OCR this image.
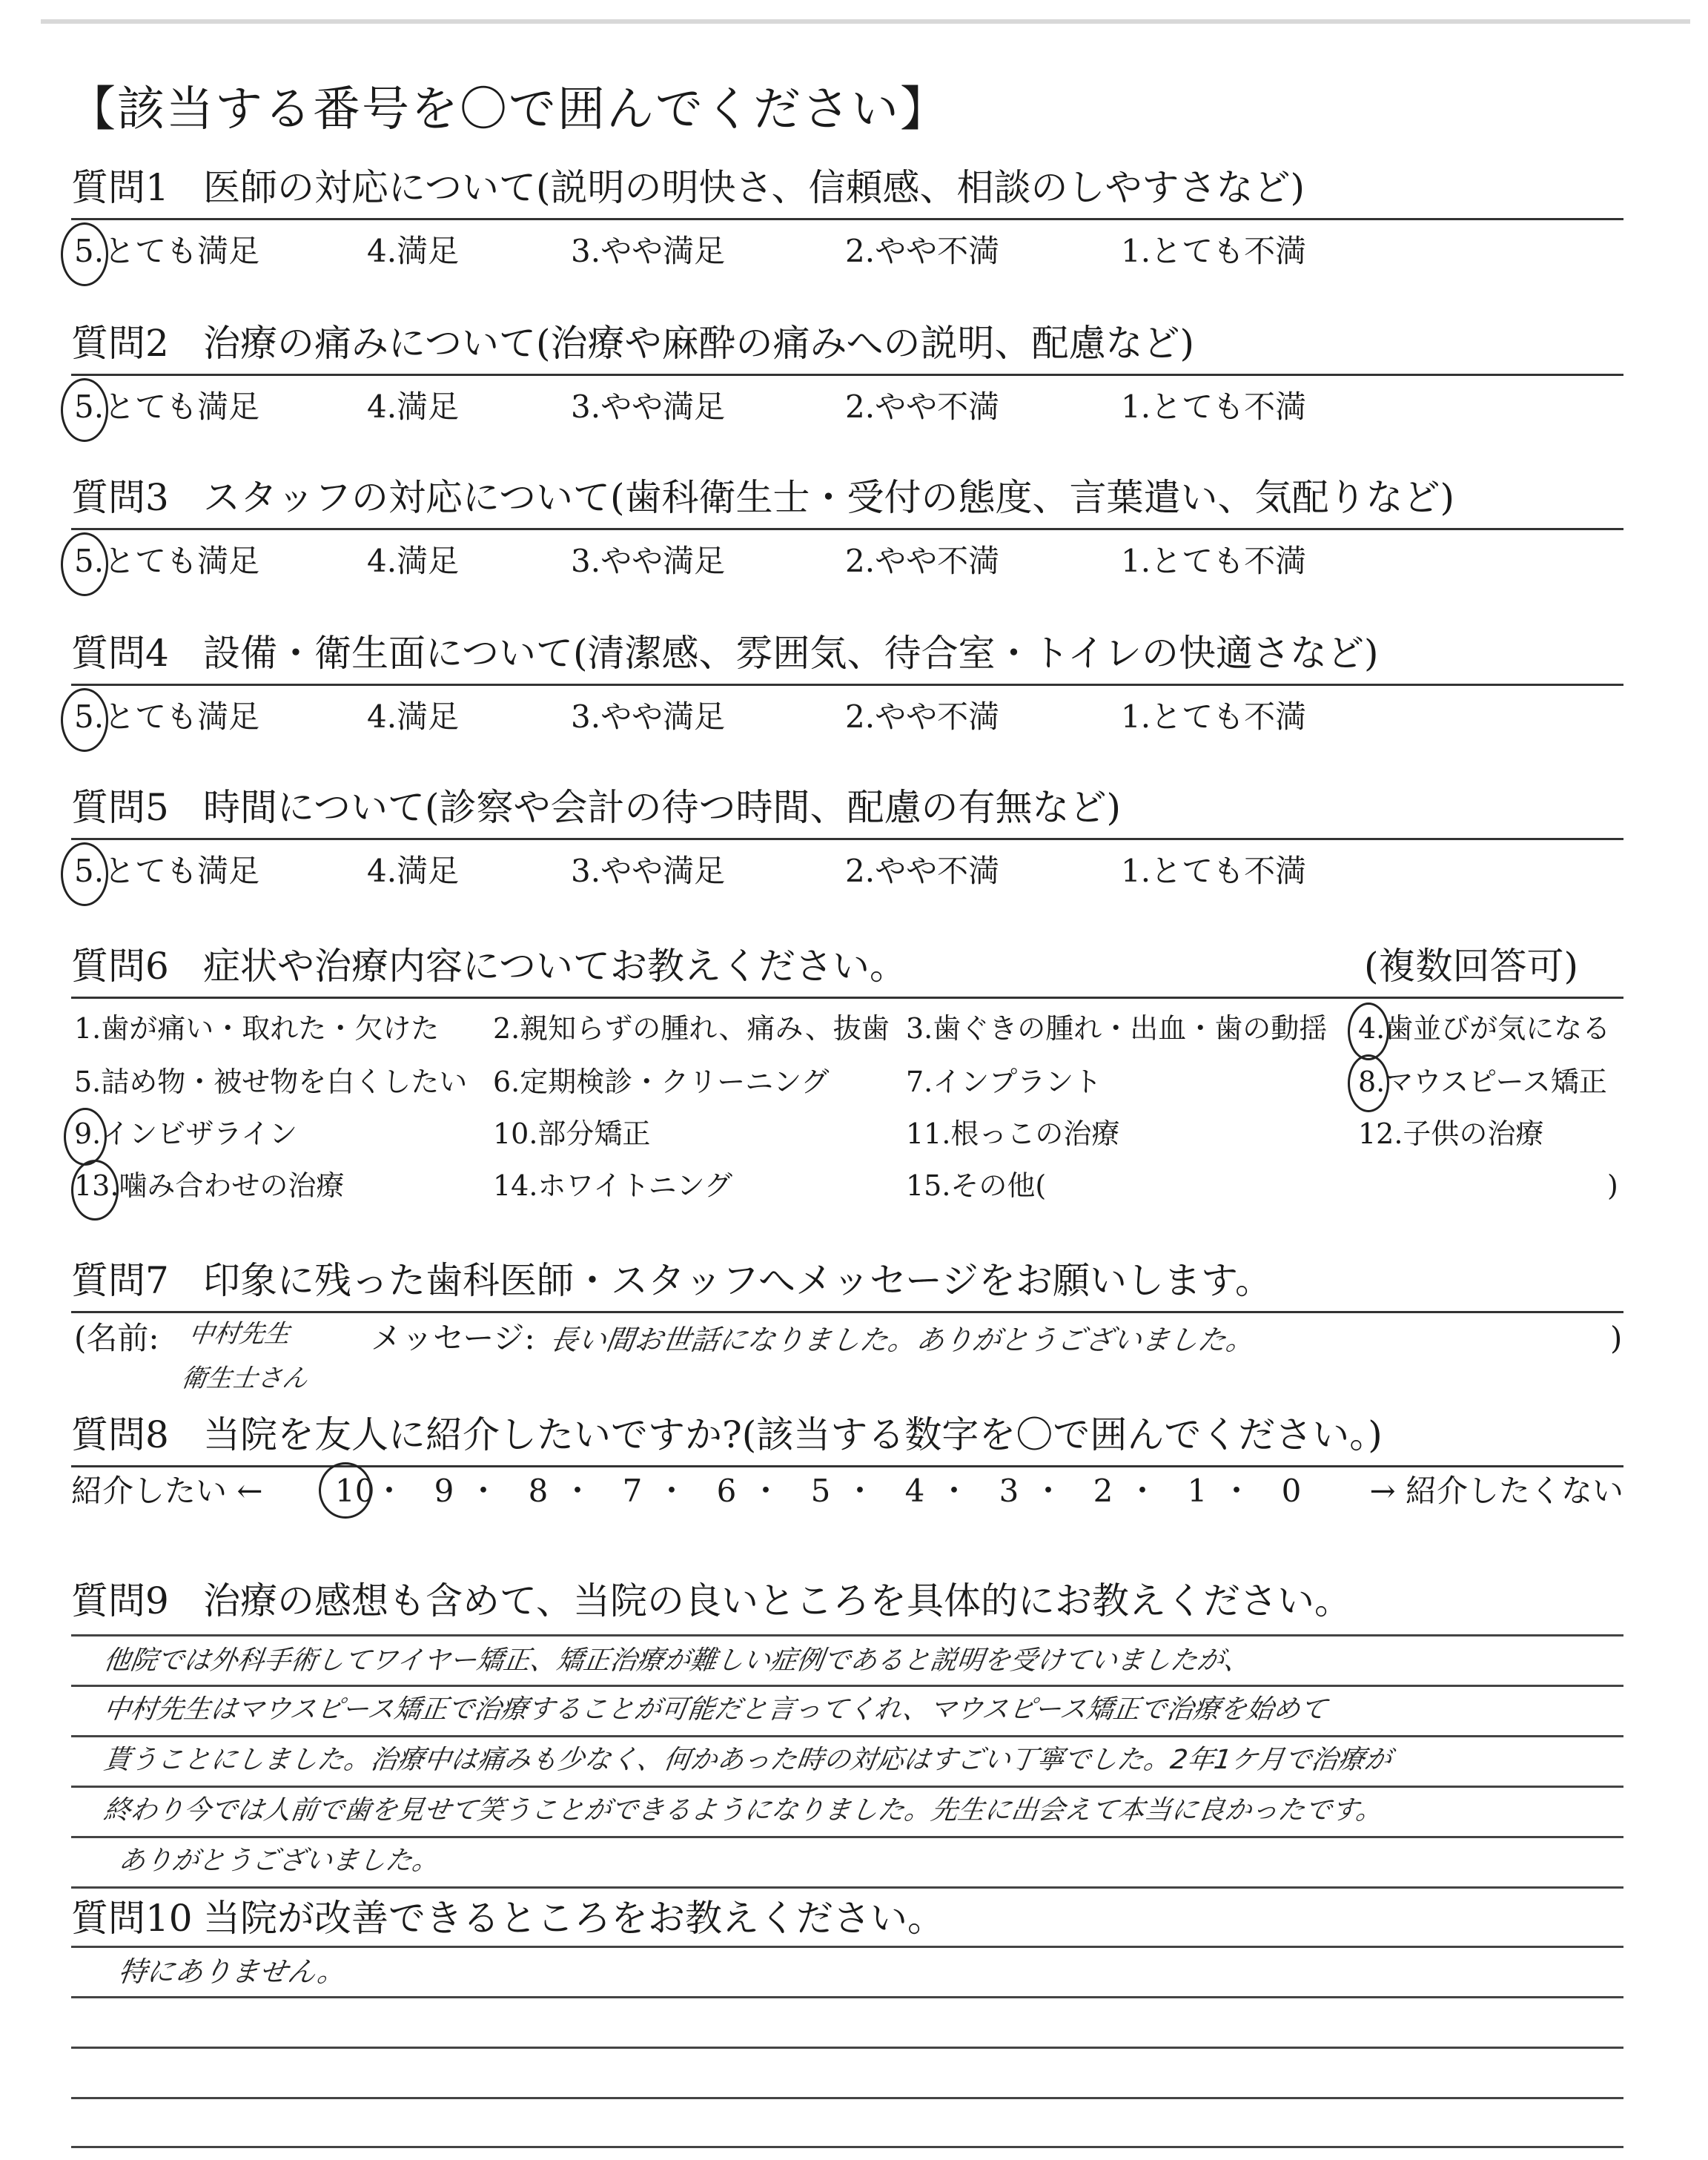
【該当する番号を〇で囲んでください】
質問1 医師の対応について(説明の明快さ、信頼感、相談のしやすさなど)
5.とても満足	4.満足	3.やや満足	2.やや不満	1.とても不満
質問2 治療の痛みについて(治療や麻酔の痛みへの説明、配慮など)
5.とても満足	4.満足	3.やや満足	2.やや不満	1.とても不満
質問3 スタッフの対応について(歯科衛生士・受付の態度、言葉遣い、気配りなど)
5.とても満足	4.満足	3.やや満足	2.やや不満	1.とても不満
質問4 設備・衛生面について(清潔感、雰囲気、待合室・トイレの快適さなど)
5.とても満足	4.満足	3.やや満足	2.やや不満	1.とても不満
質問5 時間について(診察や会計の待つ時間、配慮の有無など)
5.とても満足	4.満足	3.やや満足	2.やや不満	1.とても不満
質問6 症状や治療内容についてお教えください。	(複数回答可)
1.歯が痛い・取れた・欠けた 2.親知らずの腫れ、痛み、抜歯 3.歯ぐきの腫れ・出血・歯の動揺 4.歯並びが気になる
5.詰め物・被せ物を白くしたい 6.定期検診・クリーニング	7.インプラント	8.マウスピース矯正
9.インビザライン	10.部分矯正	11.根っこの治療	12.子供の治療
13.噛み合わせの治療	14.ホワイトニング	15.その他(	)
質問7 印象に残った歯科医師・スタッフへメッセージをお願いします。
(名前: 中村先生
衛生士さん
メッセージ: 長い間お世話になりました。ありがとうございました。	)
質問8 当院を友人に紹介したいですか?(該当する数字を〇で囲んでください。)
紹介したい ←	→ 紹介したくない
10
・ 9 ・ 8 ・ 7 ・ 6 ・ 5 ・ 4 ・ 3 ・ 2 ・ 1 ・ 0
質問9 治療の感想も含めて、当院の良いところを具体的にお教えください。
他院では外科手術してワイヤー矯正、矯正治療が難しい症例であると説明を受けていましたが、
中村先生はマウスピース矯正で治療することが可能だと言ってくれ、マウスピース矯正で治療を始めて
貰うことにしました。治療中は痛みも少なく、何かあった時の対応はすごい丁寧でした。2年1ケ月で治療が
終わり今では人前で歯を見せて笑うことができるようになりました。先生に出会えて本当に良かったです。
ありがとうございました。
質問10 当院が改善できるところをお教えください。
特にありません。
